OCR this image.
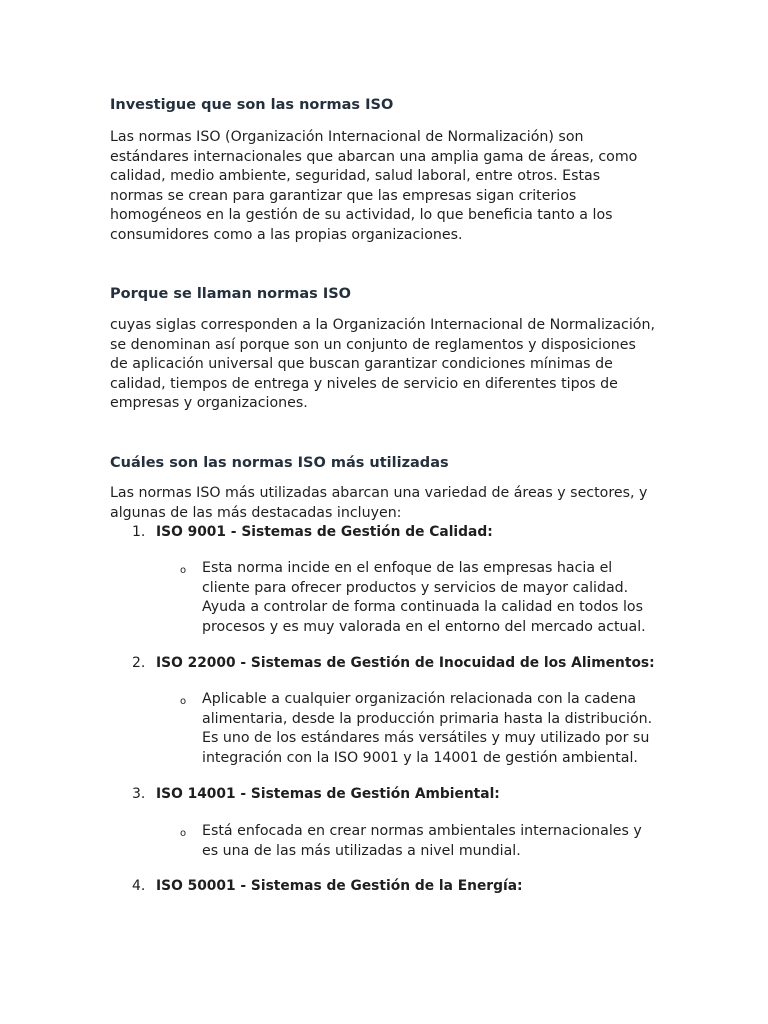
Investigue que son las normas ISO

Las normas ISO (Organización Internacional de Normalización) son estándares internacionales que abarcan una amplia gama de áreas, como calidad, medio ambiente, seguridad, salud laboral, entre otros. Estas normas se crean para garantizar que las empresas sigan criterios homogéneos en la gestión de su actividad, lo que beneficia tanto a los consumidores como a las propias organizaciones.

Porque se llaman normas ISO

cuyas siglas corresponden a la Organización Internacional de Normalización, se denominan así porque son un conjunto de reglamentos y disposiciones de aplicación universal que buscan garantizar condiciones mínimas de calidad, tiempos de entrega y niveles de servicio en diferentes tipos de empresas y organizaciones.

Cuáles son las normas ISO más utilizadas

Las normas ISO más utilizadas abarcan una variedad de áreas y sectores, y algunas de las más destacadas incluyen:

1. ISO 9001 - Sistemas de Gestión de Calidad:
o Esta norma incide en el enfoque de las empresas hacia el cliente para ofrecer productos y servicios de mayor calidad. Ayuda a controlar de forma continuada la calidad en todos los procesos y es muy valorada en el entorno del mercado actual.

2. ISO 22000 - Sistemas de Gestión de Inocuidad de los Alimentos:
o Aplicable a cualquier organización relacionada con la cadena alimentaria, desde la producción primaria hasta la distribución. Es uno de los estándares más versátiles y muy utilizado por su integración con la ISO 9001 y la 14001 de gestión ambiental.

3. ISO 14001 - Sistemas de Gestión Ambiental:
o Está enfocada en crear normas ambientales internacionales y es una de las más utilizadas a nivel mundial.

4. ISO 50001 - Sistemas de Gestión de la Energía:
